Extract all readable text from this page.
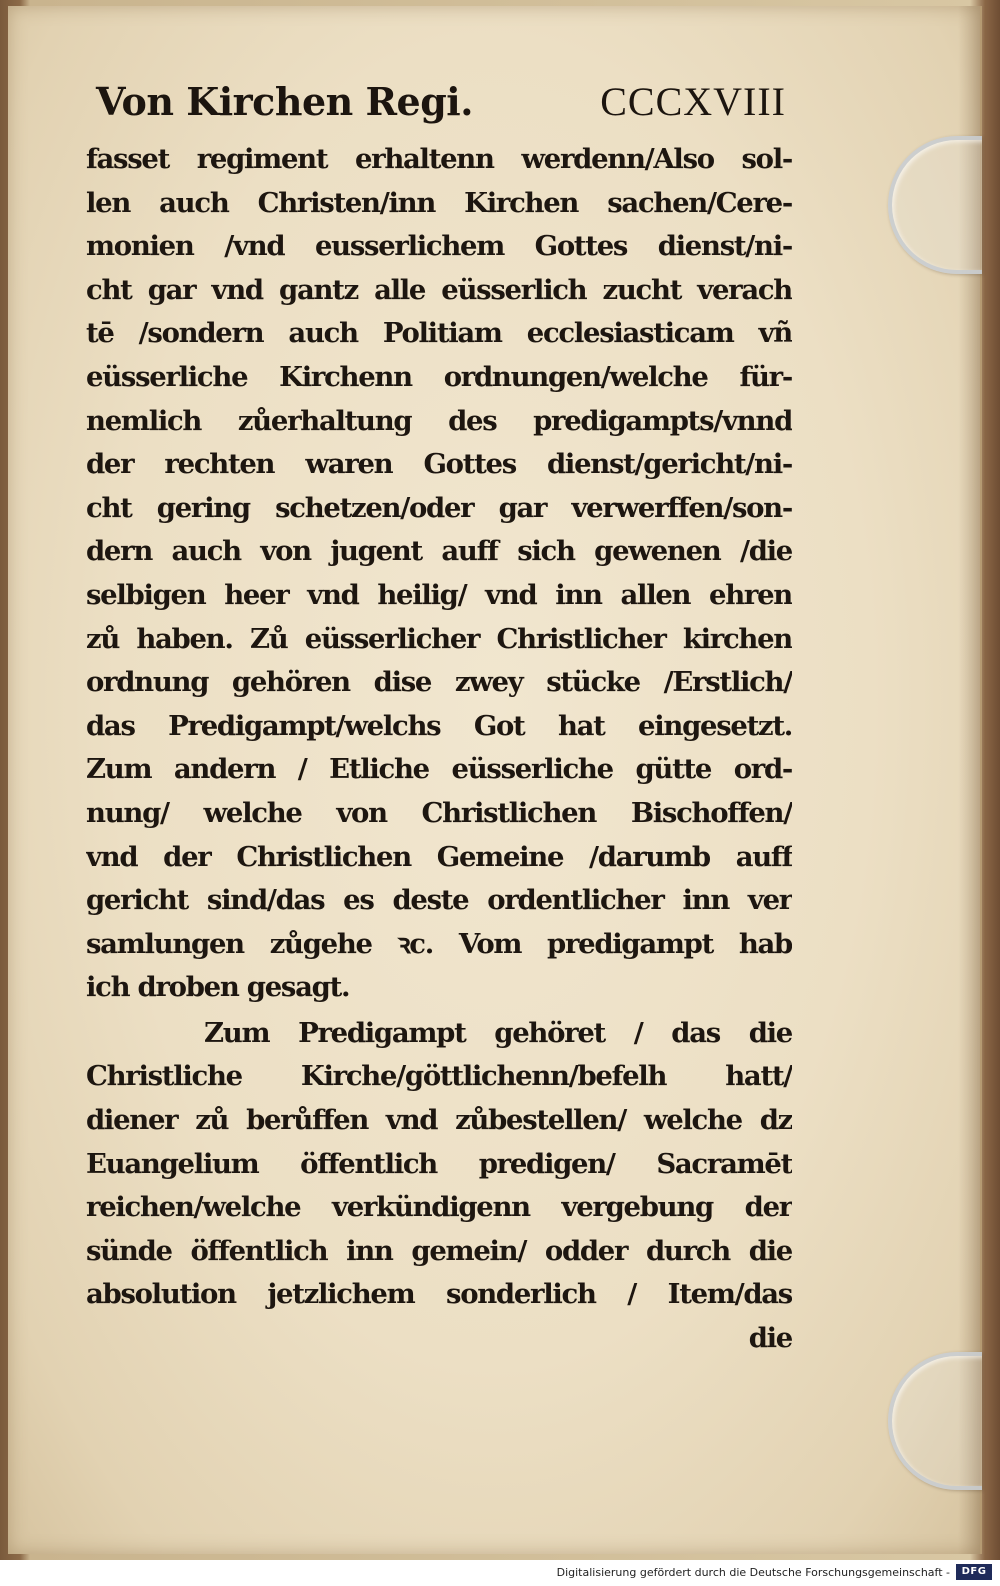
Von Kirchen Regi.	CCCXVIII
fasset regiment erhaltenn werdenn/Also sol-
len auch Christen/inn Kirchen sachen/Cere-
monien /vnd eusserlichem Gottes dienst/ni-
cht gar vnd gantz alle eüsserlich zucht verach
tē /sondern auch Politiam ecclesiasticam vñ
eüsserliche Kirchenn ordnungen/welche für-
nemlich zůerhaltung des predigampts/vnnd
der rechten waren Gottes dienst/gericht/ni-
cht gering schetzen/oder gar verwerffen/son-
dern auch von jugent auff sich gewenen /die
selbigen heer vnd heilig/ vnd inn allen ehren
zů haben. Zů eüsserlicher Christlicher kirchen
ordnung gehören dise zwey stücke /Erstlich/
das Predigampt/welchs Got hat eingesetzt.
Zum andern / Etliche eüsserliche gütte ord-
nung/ welche von Christlichen Bischoffen/
vnd der Christlichen Gemeine /darumb auff
gericht sind/das es deste ordentlicher inn ver
samlungen zůgehe ꝛc. Vom predigampt hab
ich droben gesagt.
Zum Predigampt gehöret / das die
Christliche Kirche/göttlichenn/befelh hatt/
diener zů berůffen vnd zůbestellen/ welche dz
Euangelium öffentlich predigen/ Sacramēt
reichen/welche verkündigenn vergebung der
sünde öffentlich inn gemein/ odder durch die
absolution jetzlichem sonderlich / Item/das
die
Digitalisierung gefördert durch die Deutsche Forschungsgemeinschaft -	DFG
